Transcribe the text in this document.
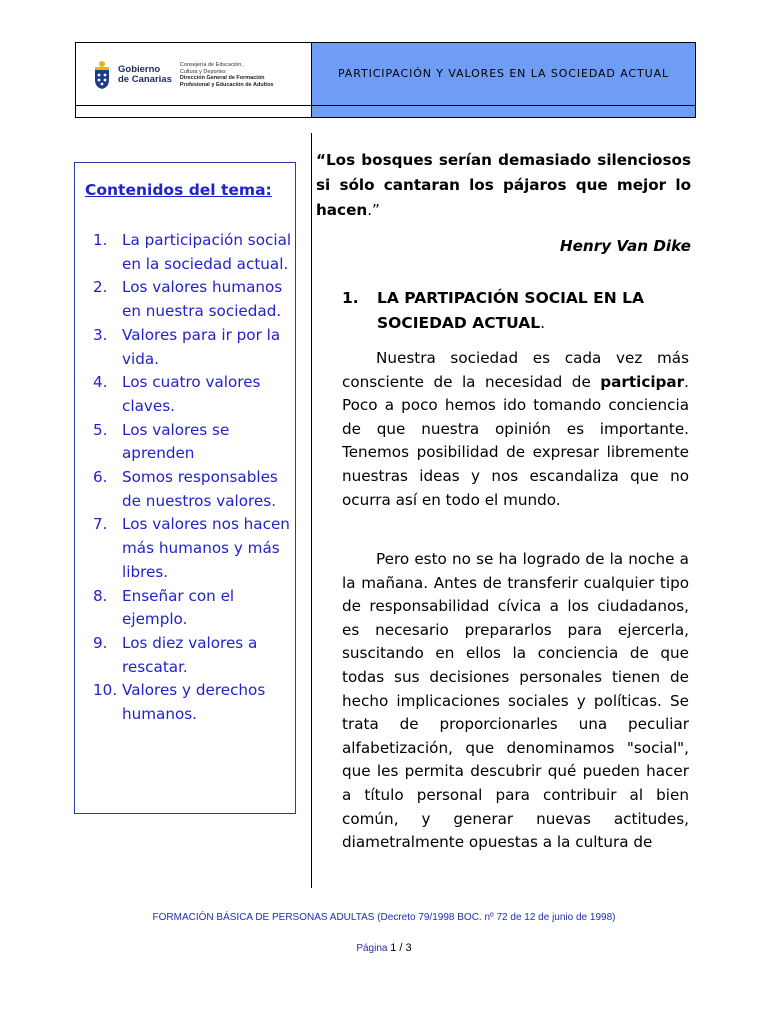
Gobierno
de Canarias
Consejería de Educación,
Cultura y Deportes
Dirección General de Formación
Profesional y Educación de Adultos
PARTICIPACIÓN Y VALORES EN LA SOCIEDAD ACTUAL
Contenidos del tema:
1. La participación social en la sociedad actual.
2. Los valores humanos en nuestra sociedad.
3. Valores para ir por la vida.
4. Los cuatro valores claves.
5. Los valores se aprenden
6. Somos responsables de nuestros valores.
7. Los valores nos hacen más humanos y más libres.
8. Enseñar con el ejemplo.
9. Los diez valores a rescatar.
10. Valores y derechos humanos.

“Los bosques serían demasiado silenciosos si sólo cantaran los pájaros que mejor lo hacen.”

Henry Van Dike
1.	LA PARTIPACIÓN SOCIAL EN LA SOCIEDAD ACTUAL.

Nuestra sociedad es cada vez más consciente de la necesidad de participar. Poco a poco hemos ido tomando conciencia de que nuestra opinión es importante. Tenemos posibilidad de expresar libremente nuestras ideas y nos escandaliza que no ocurra así en todo el mundo.

Pero esto no se ha logrado de la noche a la mañana. Antes de transferir cualquier tipo de responsabilidad cívica a los ciudadanos, es necesario prepararlos para ejercerla, suscitando en ellos la conciencia de que todas sus decisiones personales tienen de hecho implicaciones sociales y políticas. Se trata de proporcionarles una peculiar alfabetización, que denominamos "social", que les permita descubrir qué pueden hacer a título personal para contribuir al bien común, y generar nuevas actitudes, diametralmente opuestas a la cultura de

FORMACIÓN BÁSICA DE PERSONAS ADULTAS (Decreto 79/1998 BOC. nº 72 de 12 de junio de 1998)
Página 1 / 3
